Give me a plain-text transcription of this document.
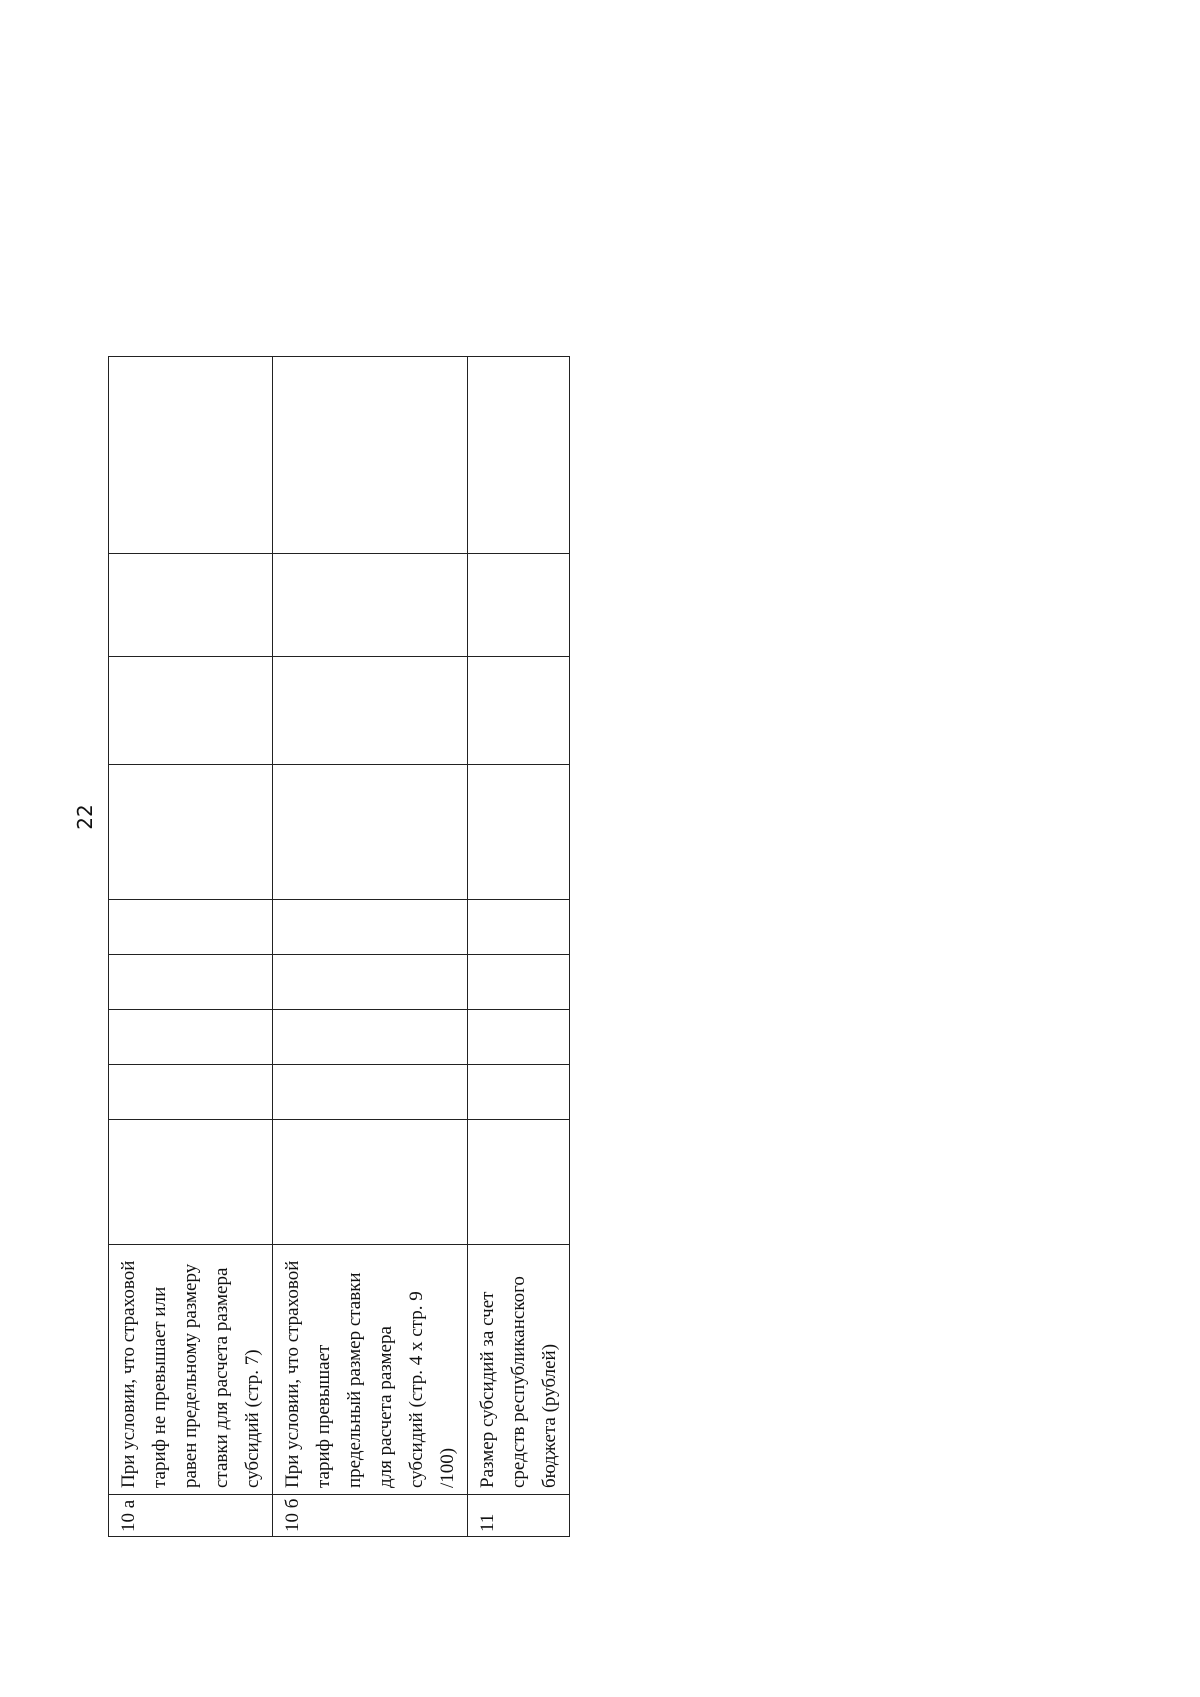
22
10 а	При условии, что страховой тариф не превышает или равен предельному размеру ставки для расчета размера субсидий (стр. 7)									
10 б	При условии, что страховой тариф превышает предельный размер ставки для расчета размера субсидий (стр. 4 х стр. 9 /100)									
11	Размер субсидий за счет средств республиканского бюджета (рублей)									
